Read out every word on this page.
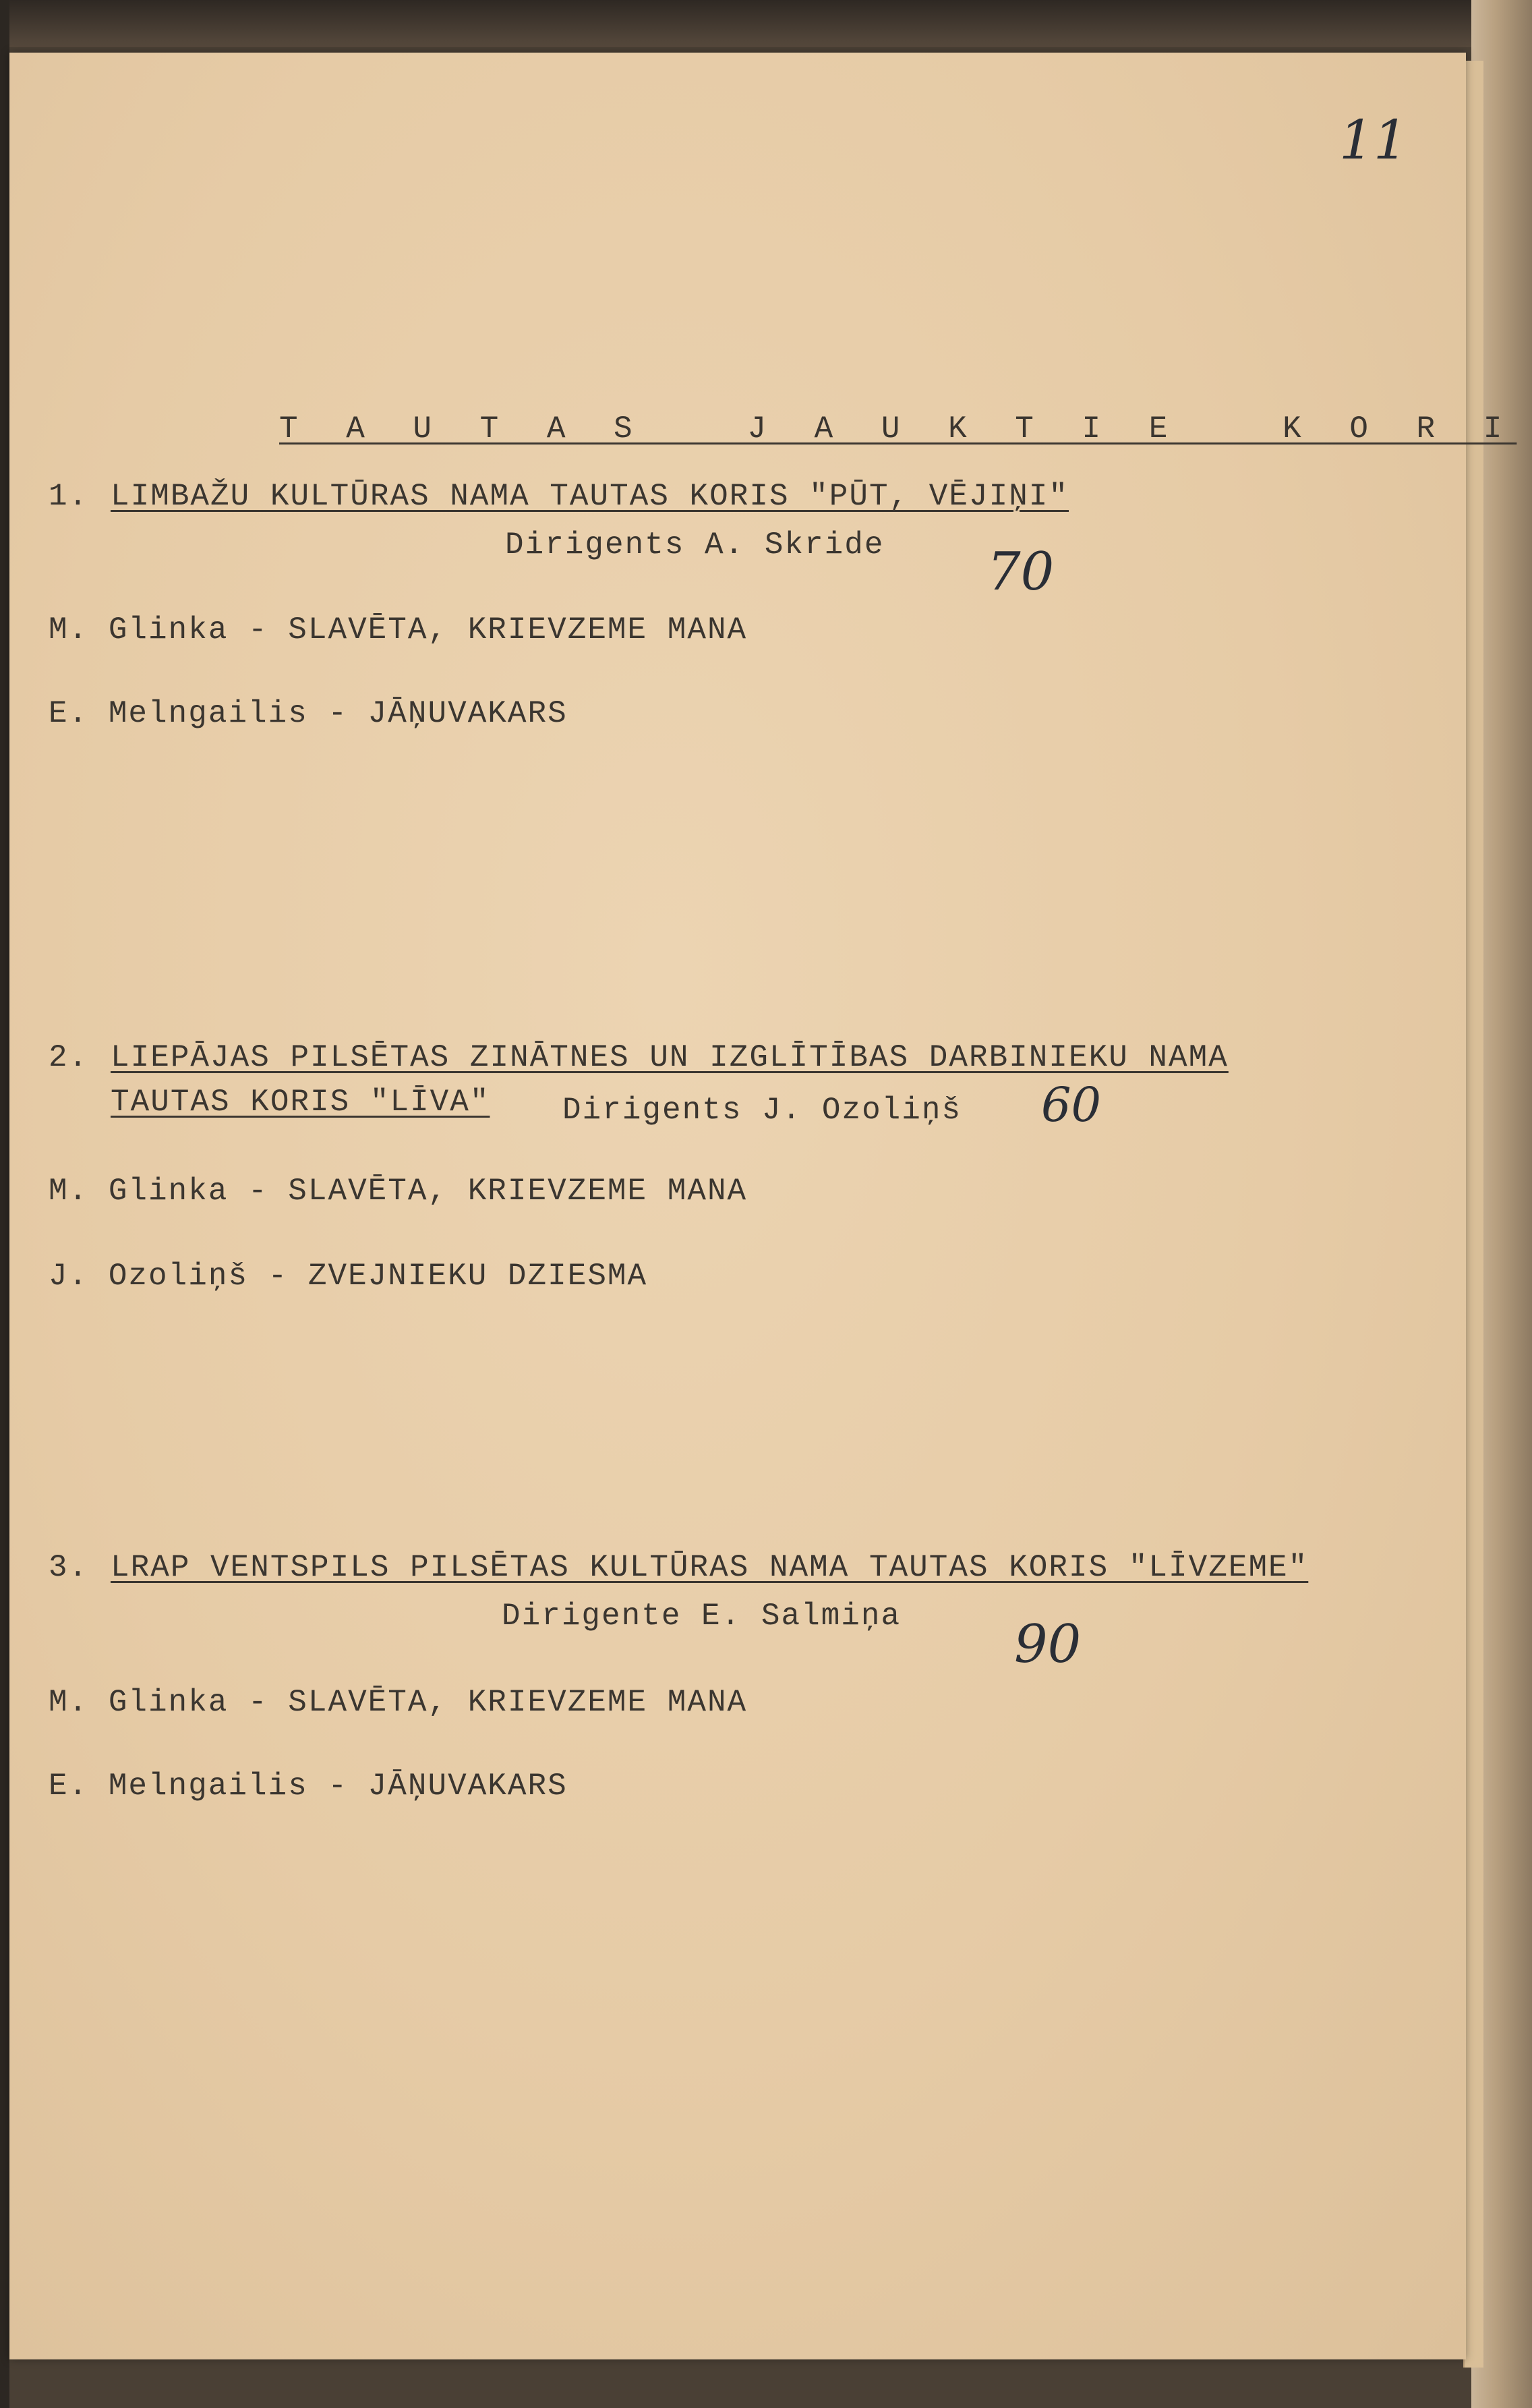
11
T A U T A S   J A U K T I E   K O R I
1. LIMBAŽU KULTŪRAS NAMA TAUTAS KORIS "PŪT, VĒJIŅI"
Dirigents A. Skride 70
M. Glinka - SLAVĒTA, KRIEVZEME MANA
E. Melngailis - JĀŅUVAKARS
2. LIEPĀJAS PILSĒTAS ZINĀTNES UN IZGLĪTĪBAS DARBINIEKU NAMA
TAUTAS KORIS "LĪVA" Dirigents J. Ozoliņš 60
M. Glinka - SLAVĒTA, KRIEVZEME MANA
J. Ozoliņš - ZVEJNIEKU DZIESMA
3. LRAP VENTSPILS PILSĒTAS KULTŪRAS NAMA TAUTAS KORIS "LĪVZEME"
Dirigente E. Salmiņa 90
M. Glinka - SLAVĒTA, KRIEVZEME MANA
E. Melngailis - JĀŅUVAKARS
